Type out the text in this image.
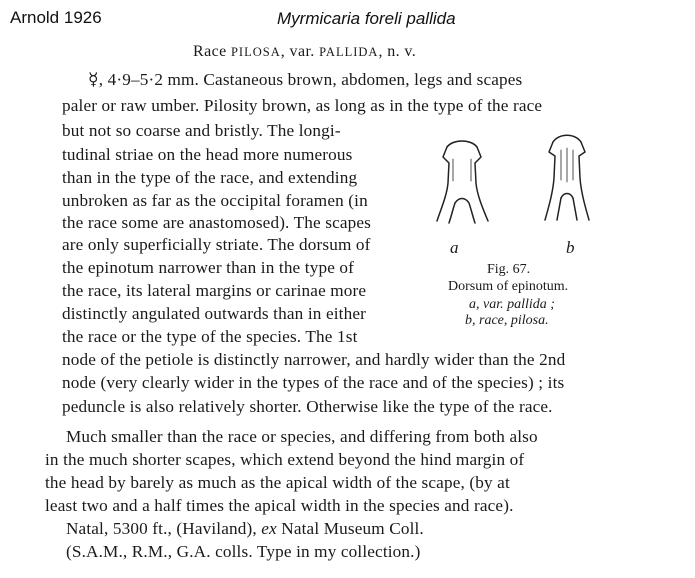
Arnold 1926	Myrmicaria foreli pallida
Race PILOSA, var. PALLIDA, n. v.
☿, 4·9–5·2 mm. Castaneous brown, abdomen, legs and scapes
paler or raw umber. Pilosity brown, as long as in the type of the race
but not so coarse and bristly. The longi-
tudinal striae on the head more numerous
than in the type of the race, and extending
unbroken as far as the occipital foramen (in
the race some are anastomosed). The scapes
are only superficially striate. The dorsum of
the epinotum narrower than in the type of
the race, its lateral margins or carinae more
distinctly angulated outwards than in either
the race or the type of the species. The 1st
node of the petiole is distinctly narrower, and hardly wider than the 2nd
node (very clearly wider in the types of the race and of the species) ; its
peduncle is also relatively shorter. Otherwise like the type of the race.
Much smaller than the race or species, and differing from both also
in the much shorter scapes, which extend beyond the hind margin of
the head by barely as much as the apical width of the scape, (by at
least two and a half times the apical width in the species and race).
Natal, 5300 ft., (Haviland), ex Natal Museum Coll.
(S.A.M., R.M., G.A. colls. Type in my collection.)
a	b
Fig. 67.
Dorsum of epinotum.
a, var. pallida ;
b, race, pilosa.
